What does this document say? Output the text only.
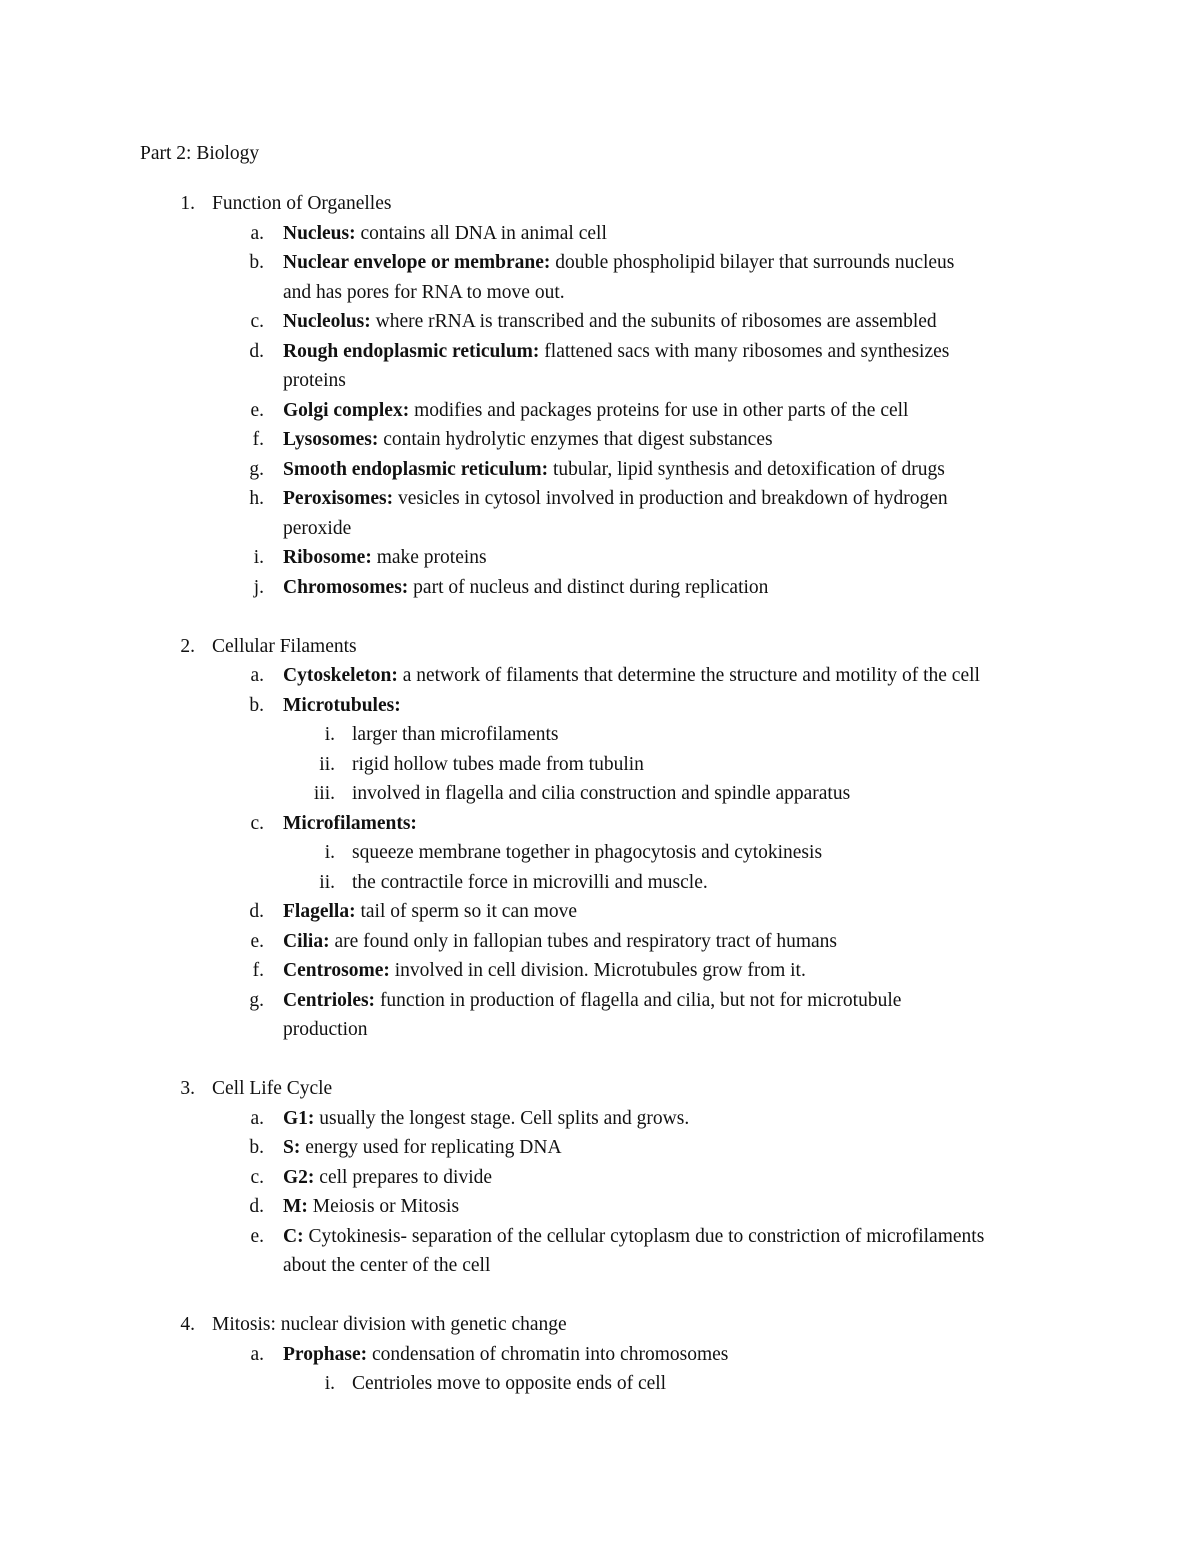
Part 2: Biology
1. Function of Organelles
a. Nucleus: contains all DNA in animal cell
b. Nuclear envelope or membrane: double phospholipid bilayer that surrounds nucleus
and has pores for RNA to move out.
c. Nucleolus: where rRNA is transcribed and the subunits of ribosomes are assembled
d. Rough endoplasmic reticulum: flattened sacs with many ribosomes and synthesizes
proteins
e. Golgi complex: modifies and packages proteins for use in other parts of the cell
f. Lysosomes: contain hydrolytic enzymes that digest substances
g. Smooth endoplasmic reticulum: tubular, lipid synthesis and detoxification of drugs
h. Peroxisomes: vesicles in cytosol involved in production and breakdown of hydrogen
peroxide
i. Ribosome: make proteins
j. Chromosomes: part of nucleus and distinct during replication
2. Cellular Filaments
a. Cytoskeleton: a network of filaments that determine the structure and motility of the cell
b. Microtubules:
i. larger than microfilaments
ii. rigid hollow tubes made from tubulin
iii. involved in flagella and cilia construction and spindle apparatus
c. Microfilaments:
i. squeeze membrane together in phagocytosis and cytokinesis
ii. the contractile force in microvilli and muscle.
d. Flagella: tail of sperm so it can move
e. Cilia: are found only in fallopian tubes and respiratory tract of humans
f. Centrosome: involved in cell division. Microtubules grow from it.
g. Centrioles: function in production of flagella and cilia, but not for microtubule
production
3. Cell Life Cycle
a. G1: usually the longest stage. Cell splits and grows.
b. S: energy used for replicating DNA
c. G2: cell prepares to divide
d. M: Meiosis or Mitosis
e. C: Cytokinesis- separation of the cellular cytoplasm due to constriction of microfilaments
about the center of the cell
4. Mitosis: nuclear division with genetic change
a. Prophase: condensation of chromatin into chromosomes
i. Centrioles move to opposite ends of cell
